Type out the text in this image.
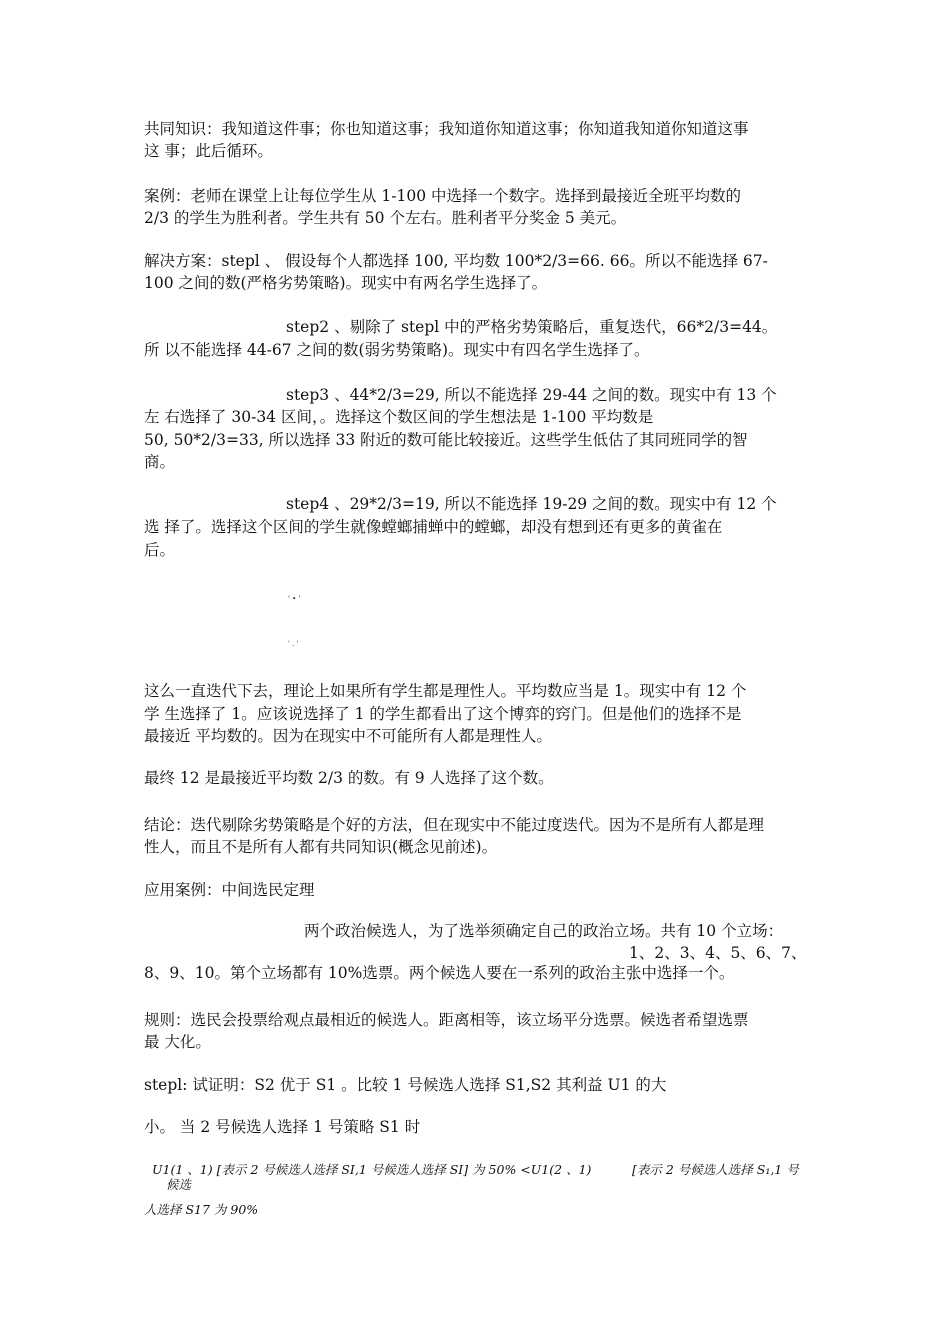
共同知识：我知道这件事；你也知道这事；我知道你知道这事；你知道我知道你知道这事
这 事；此后循环。
案例：老师在课堂上让每位学生从 1-100 中选择一个数字。选择到最接近全班平均数的
2/3 的学生为胜利者。学生共有 50 个左右。胜利者平分奖金 5 美元。
解决方案：stepl 、 假设每个人都选择 100, 平均数 100*2/3=66. 66。所以不能选择 67-
100 之间的数(严格劣势策略)。现实中有两名学生选择了。
step2 、剔除了 stepl 中的严格劣势策略后，重复迭代，66*2/3=44。
所 以不能选择 44-67 之间的数(弱劣势策略)。现实中有四名学生选择了。
step3 、44*2/3=29, 所以不能选择 29-44 之间的数。现实中有 13 个
左 右选择了 30-34 区间，。选择这个数区间的学生想法是 1-100 平均数是
50, 50*2/3=33, 所以选择 33 附近的数可能比较接近。这些学生低估了其同班同学的智
商。
step4 、29*2/3=19, 所以不能选择 19-29 之间的数。现实中有 12 个
选 择了。选择这个区间的学生就像螳螂捕蝉中的螳螂，却没有想到还有更多的黄雀在
后。
' • '
' . '
这么一直迭代下去，理论上如果所有学生都是理性人。平均数应当是 1。现实中有 12 个
学 生选择了 1。应该说选择了 1 的学生都看出了这个博弈的窍门。但是他们的选择不是
最接近 平均数的。因为在现实中不可能所有人都是理性人。
最终 12 是最接近平均数 2/3 的数。有 9 人选择了这个数。
结论：迭代剔除劣势策略是个好的方法，但在现实中不能过度迭代。因为不是所有人都是理
性人，而且不是所有人都有共同知识(概念见前述)。
应用案例：中间选民定理
两个政治候选人，为了选举须确定自己的政治立场。共有 10 个立场：
1、2、3、4、5、6、7、
8、9、10。第个立场都有 10%选票。两个候选人要在一系列的政治主张中选择一个。
规则：选民会投票给观点最相近的候选人。距离相等，该立场平分选票。候选者希望选票
最 大化。
stepl: 试证明：S2 优于 S1 。比较 1 号候选人选择 S1,S2 其利益 U1 的大
小。 当 2 号候选人选择 1 号策略 S1 时
U1(1 、1) [表示 2 号候选人选择 SI,1 号候选人选择 SI] 为 50% <U1(2 、1)	[表示 2 号候选人选择 S₁,1 号
候选
人选择 S17 为 90%
